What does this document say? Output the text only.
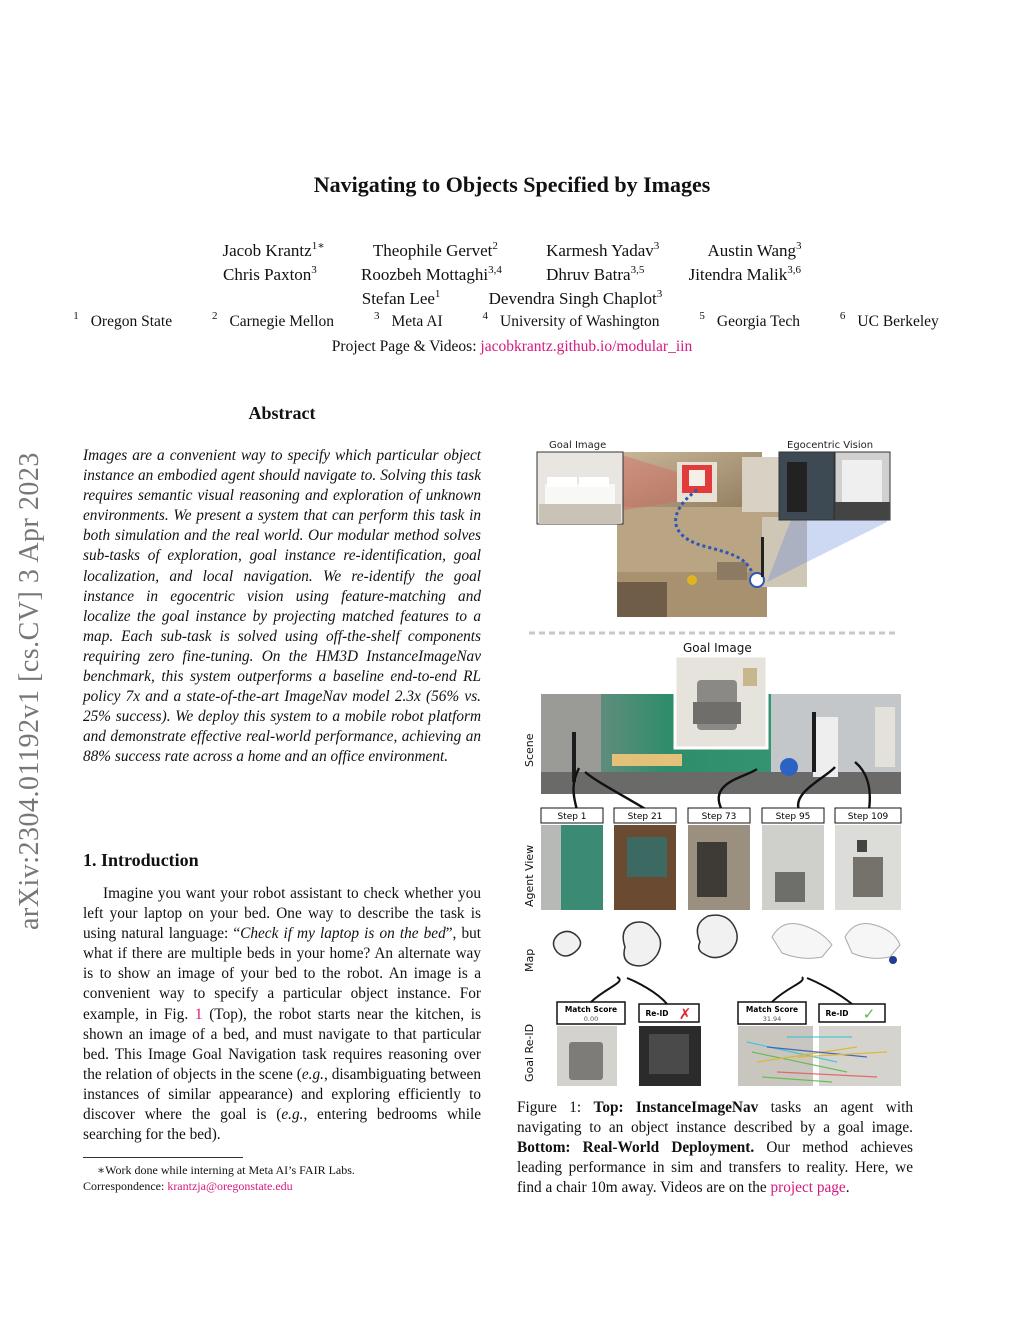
arXiv:2304.01192v1 [cs.CV] 3 Apr 2023
Navigating to Objects Specified by Images
Jacob Krantz$^{1∗}$	Theophile Gervet$^2$	Karmesh Yadav$^3$	Austin Wang$^3$
Chris Paxton$^3$	Roozbeh Mottaghi$^{3,4}$	Dhruv Batra$^{3,5}$	Jitendra Malik$^{3,6}$
Stefan Lee$^1$	Devendra Singh Chaplot$^3$
$^1$ Oregon State	$^2$ Carnegie Mellon	$^3$ Meta AI	$^4$ University of Washington	$^5$ Georgia Tech	$^6$ UC Berkeley
Project Page & Videos: jacobkrantz.github.io/modular_iin
Abstract
Images are a convenient way to specify which particular object instance an embodied agent should navigate to. Solving this task requires semantic visual reasoning and exploration of unknown environments. We present a system that can perform this task in both simulation and the real world. Our modular method solves sub-tasks of exploration, goal instance re-identification, goal localization, and local navigation. We re-identify the goal instance in egocentric vision using feature-matching and localize the goal instance by projecting matched features to a map. Each sub-task is solved using off-the-shelf components requiring zero fine-tuning. On the HM3D InstanceImageNav benchmark, this system outperforms a baseline end-to-end RL policy 7x and a state-of-the-art ImageNav model 2.3x (56% vs. 25% success). We deploy this system to a mobile robot platform and demonstrate effective real-world performance, achieving an 88% success rate across a home and an office environment.
1. Introduction
Imagine you want your robot assistant to check whether you left your laptop on your bed. One way to describe the task is using natural language: “Check if my laptop is on the bed”, but what if there are multiple beds in your home? An alternate way is to show an image of your bed to the robot. An image is a convenient way to specify a particular object instance. For example, in Fig. 1 (Top), the robot starts near the kitchen, is shown an image of a bed, and must navigate to that particular bed. This Image Goal Navigation task requires reasoning over the relation of objects in the scene (e.g., disambiguating between instances of similar appearance) and exploring efficiently to discover where the goal is (e.g., entering bedrooms while searching for the bed).
∗Work done while interning at Meta AI’s FAIR Labs.
Correspondence: krantzja@oregonstate.edu
Goal Image	Egocentric Vision
Goal Image
Scene
Agent View
Map
Goal Re-ID
Step 1	Step 21	Step 73	Step 95	Step 109
Match Score
0.00
Re-ID ✗	Match Score
31.94
Re-ID ✓
Figure 1: Top: InstanceImageNav tasks an agent with navigating to an object instance described by a goal image. Bottom: Real-World Deployment. Our method achieves leading performance in sim and transfers to reality. Here, we find a chair 10m away. Videos are on the project page.
